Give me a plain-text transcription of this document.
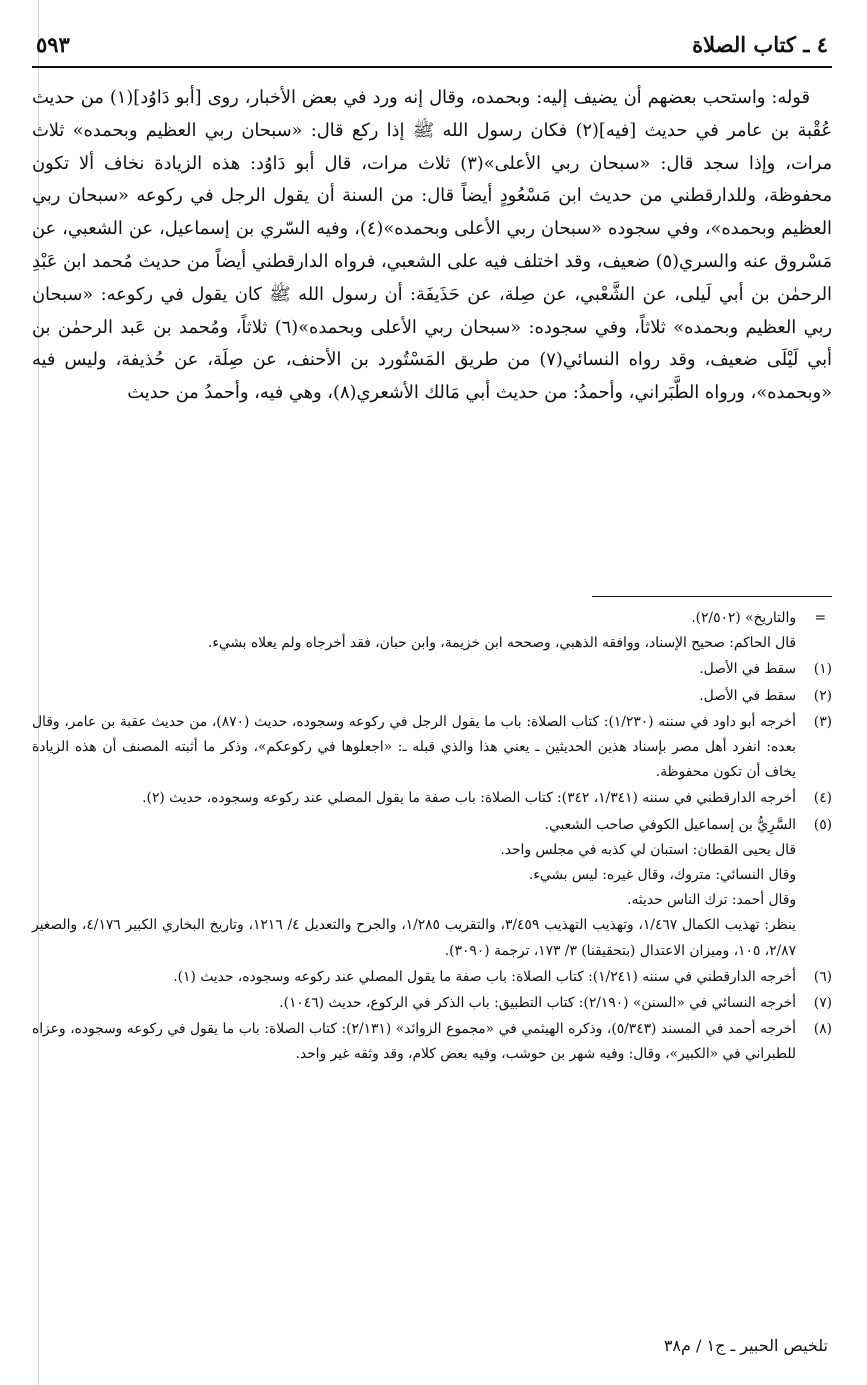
٤ ـ كتاب الصلاة
٥٩٣

قوله: واستحب بعضهم أن يضيف إليه: وبحمده، وقال إنه ورد في بعض الأخبار، روى [أبو دَاوُد](١) من حديث عُقْبة بن عامر في حديث [فيه](٢) فكان رسول الله ﷺ إذا ركع قال: «سبحان ربي العظيم وبحمده» ثلاث مرات، وإذا سجد قال: «سبحان ربي الأعلى»(٣) ثلاث مرات، قال أبو دَاوُد: هذه الزيادة نخاف ألا تكون محفوظة، وللدارقطني من حديث ابن مَسْعُودٍ أيضاً قال: من السنة أن يقول الرجل في ركوعه «سبحان ربي العظيم وبحمده»، وفي سجوده «سبحان ربي الأعلى وبحمده»(٤)، وفيه السّري بن إسماعيل، عن الشعبي، عن مَسْروق عنه والسري(٥) ضعيف، وقد اختلف فيه على الشعبي، فرواه الدارقطني أيضاً من حديث مُحمد ابن عَبْدِ الرحمٰن بن أبي لَيلى، عن الشَّعْبي، عن صِلة، عن حَذَيفَة: أن رسول الله ﷺ كان يقول في ركوعه: «سبحان ربي العظيم وبحمده» ثلاثاً، وفي سجوده: «سبحان ربي الأعلى وبحمده»(٦) ثلاثاً، ومُحمد بن عَبد الرحمٰن بن أبي لَيْلَى ضعيف، وقد رواه النسائي(٧) من طريق المَسْتُورد بن الأحنف، عن صِلَة، عن حُذيفة، وليس فيه «وبحمده»، ورواه الطَّبَراني، وأحمدُ: من حديث أبي مَالك الأشعري(٨)، وهي فيه، وأحمدُ من حديث

=
والتاريخ» (٢/٥٠٢).
قال الحاكم: صحيح الإسناد، ووافقه الذهبي، وصححه ابن خزيمة، وابن حبان، فقد أخرجاه ولم يعلاه بشيء.
(١)
سقط في الأصل.
(٢)
سقط في الأصل.
(٣)
أخرجه أبو داود في سننه (١/٢٣٠): كتاب الصلاة: باب ما يقول الرجل في ركوعه وسجوده، حديث (٨٧٠)، من حديث عقبة بن عامر، وقال بعده: انفرد أهل مصر بإسناد هذين الحديثين ـ يعني هذا والذي قبله ـ: «اجعلوها في ركوعكم»، وذكر ما أثبته المصنف أن هذه الزيادة يخاف أن تكون محفوظة.
(٤)
أخرجه الدارقطني في سننه (١/٣٤١، ٣٤٢): كتاب الصلاة: باب صفة ما يقول المصلي عند ركوعه وسجوده، حديث (٢).
(٥)
السَّرِيُّ بن إسماعيل الكوفي صاحب الشعبي.
قال يحيى القطان: استبان لي كذبه في مجلس واحد.
وقال النسائي: متروك، وقال غيره: ليس بشيء.
وقال أحمد: ترك الناس حديثه.
ينظر: تهذيب الكمال ١/٤٦٧، وتهذيب التهذيب ٣/٤٥٩، والتقريب ١/٢٨٥، والجرح والتعديل ٤/ ١٢١٦، وتاريخ البخاري الكبير ٤/١٧٦، والصغير ٢/٨٧، ١٠٥، وميزان الاعتدال (بتحقيقنا) ٣/ ١٧٣، ترجمة (٣٠٩٠).
(٦)
أخرجه الدارقطني في سننه (١/٢٤١): كتاب الصلاة: باب صفة ما يقول المصلي عند ركوعه وسجوده، حديث (١).
(٧)
أخرجه النسائي في «السنن» (٢/١٩٠): كتاب التطبيق: باب الذكر في الركوع، حديث (١٠٤٦).
(٨)
أخرجه أحمد في المسند (٥/٣٤٣)، وذكره الهيثمي في «مجموع الزوائد» (٢/١٣١): كتاب الصلاة: باب ما يقول في ركوعه وسجوده، وعزاه للطبراني في «الكبير»، وقال: وفيه شهر بن حوشب، وفيه بعض كلام، وقد وثقه غير واحد.
تلخيص الحبير ـ ج١ / م٣٨
